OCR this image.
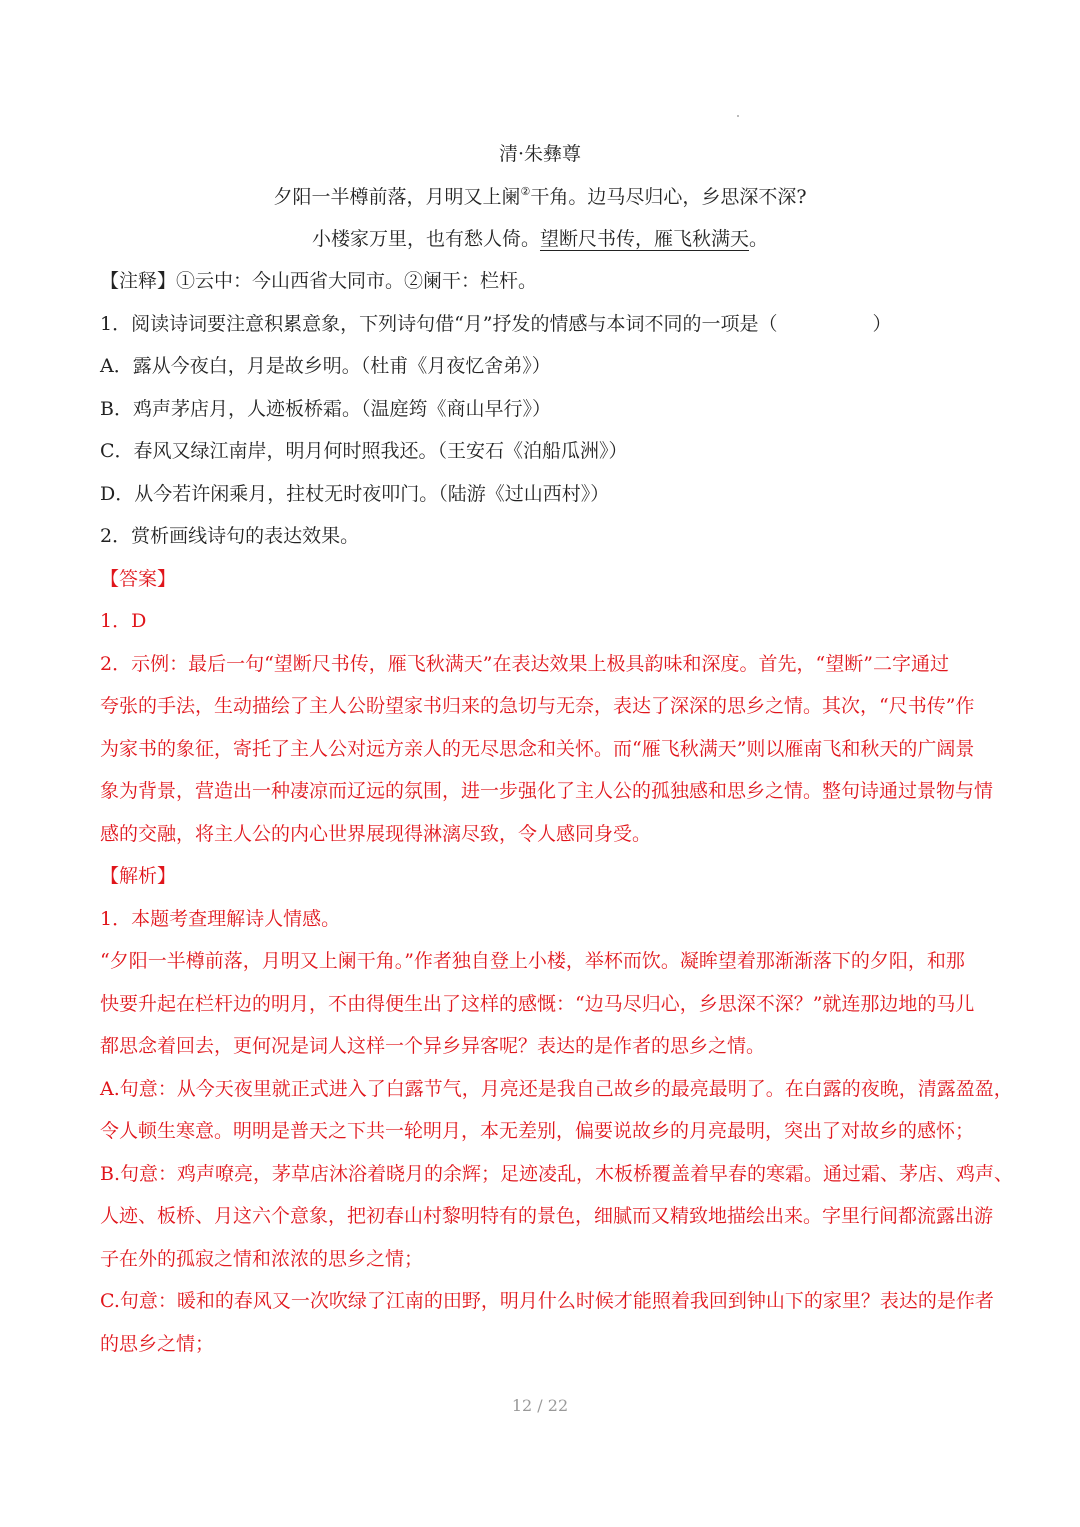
清·朱彝尊
夕阳一半樽前落，月明又上阑②干角。边马尽归心，乡思深不深?
小楼家万里，也有愁人倚。望断尺书传，雁飞秋满天。
【注释】①云中：今山西省大同市。②阑干：栏杆。
1．阅读诗词要注意积累意象，下列诗句借“月”抒发的情感与本词不同的一项是（　　　　　）
A．露从今夜白，月是故乡明。（杜甫《月夜忆舍弟》）
B．鸡声茅店月，人迹板桥霜。（温庭筠《商山早行》）
C．春风又绿江南岸，明月何时照我还。（王安石《泊船瓜洲》）
D．从今若许闲乘月，拄杖无时夜叩门。（陆游《过山西村》）
2．赏析画线诗句的表达效果。
【答案】
1．D
2．示例：最后一句“望断尺书传，雁飞秋满天”在表达效果上极具韵味和深度。首先，“望断”二字通过
夸张的手法，生动描绘了主人公盼望家书归来的急切与无奈，表达了深深的思乡之情。其次，“尺书传”作
为家书的象征，寄托了主人公对远方亲人的无尽思念和关怀。而“雁飞秋满天”则以雁南飞和秋天的广阔景
象为背景，营造出一种凄凉而辽远的氛围，进一步强化了主人公的孤独感和思乡之情。整句诗通过景物与情
感的交融，将主人公的内心世界展现得淋漓尽致，令人感同身受。
【解析】
1．本题考查理解诗人情感。
“夕阳一半樽前落，月明又上阑干角。”作者独自登上小楼，举杯而饮。凝眸望着那渐渐落下的夕阳，和那
快要升起在栏杆边的明月，不由得便生出了这样的感慨：“边马尽归心，乡思深不深？”就连那边地的马儿
都思念着回去，更何况是词人这样一个异乡异客呢？表达的是作者的思乡之情。
A.句意：从今天夜里就正式进入了白露节气，月亮还是我自己故乡的最亮最明了。在白露的夜晚，清露盈盈，
令人顿生寒意。明明是普天之下共一轮明月，本无差别，偏要说故乡的月亮最明，突出了对故乡的感怀；
B.句意：鸡声嘹亮，茅草店沐浴着晓月的余辉；足迹凌乱，木板桥覆盖着早春的寒霜。通过霜、茅店、鸡声、
人迹、板桥、月这六个意象，把初春山村黎明特有的景色，细腻而又精致地描绘出来。字里行间都流露出游
子在外的孤寂之情和浓浓的思乡之情；
C.句意：暖和的春风又一次吹绿了江南的田野，明月什么时候才能照着我回到钟山下的家里？表达的是作者
的思乡之情；
12 / 22
